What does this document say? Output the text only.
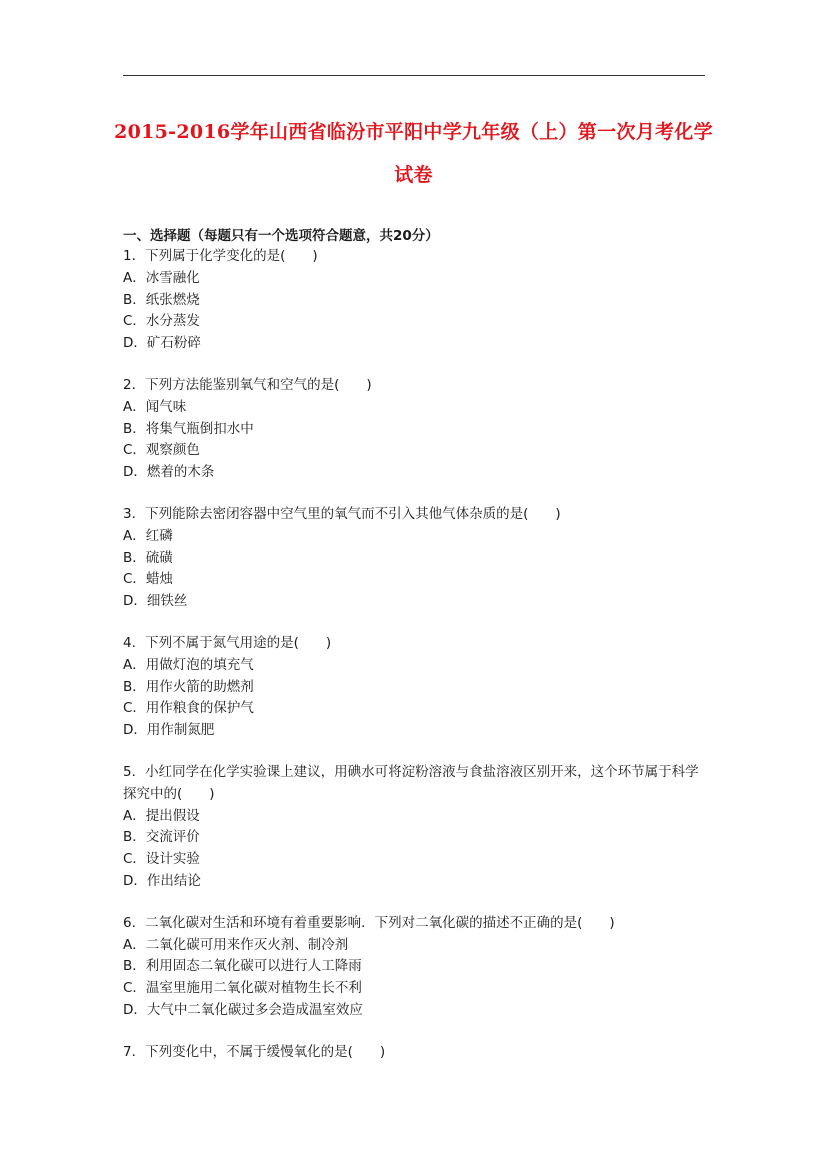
2015-2016学年山西省临汾市平阳中学九年级（上）第一次月考化学
试卷
一、选择题（每题只有一个选项符合题意，共20分）
1．下列属于化学变化的是(　　)
A．冰雪融化
B．纸张燃烧
C．水分蒸发
D．矿石粉碎
2．下列方法能鉴别氧气和空气的是(　　)
A．闻气味
B．将集气瓶倒扣水中
C．观察颜色
D．燃着的木条
3．下列能除去密闭容器中空气里的氧气而不引入其他气体杂质的是(　　)
A．红磷
B．硫磺
C．蜡烛
D．细铁丝
4．下列不属于氮气用途的是(　　)
A．用做灯泡的填充气
B．用作火箭的助燃剂
C．用作粮食的保护气
D．用作制氮肥
5．小红同学在化学实验课上建议，用碘水可将淀粉溶液与食盐溶液区别开来，这个环节属于科学探究中的(　　)
A．提出假设
B．交流评价
C．设计实验
D．作出结论
6．二氧化碳对生活和环境有着重要影响．下列对二氧化碳的描述不正确的是(　　)
A．二氧化碳可用来作灭火剂、制冷剂
B．利用固态二氧化碳可以进行人工降雨
C．温室里施用二氧化碳对植物生长不利
D．大气中二氧化碳过多会造成温室效应
7．下列变化中，不属于缓慢氧化的是(　　)
